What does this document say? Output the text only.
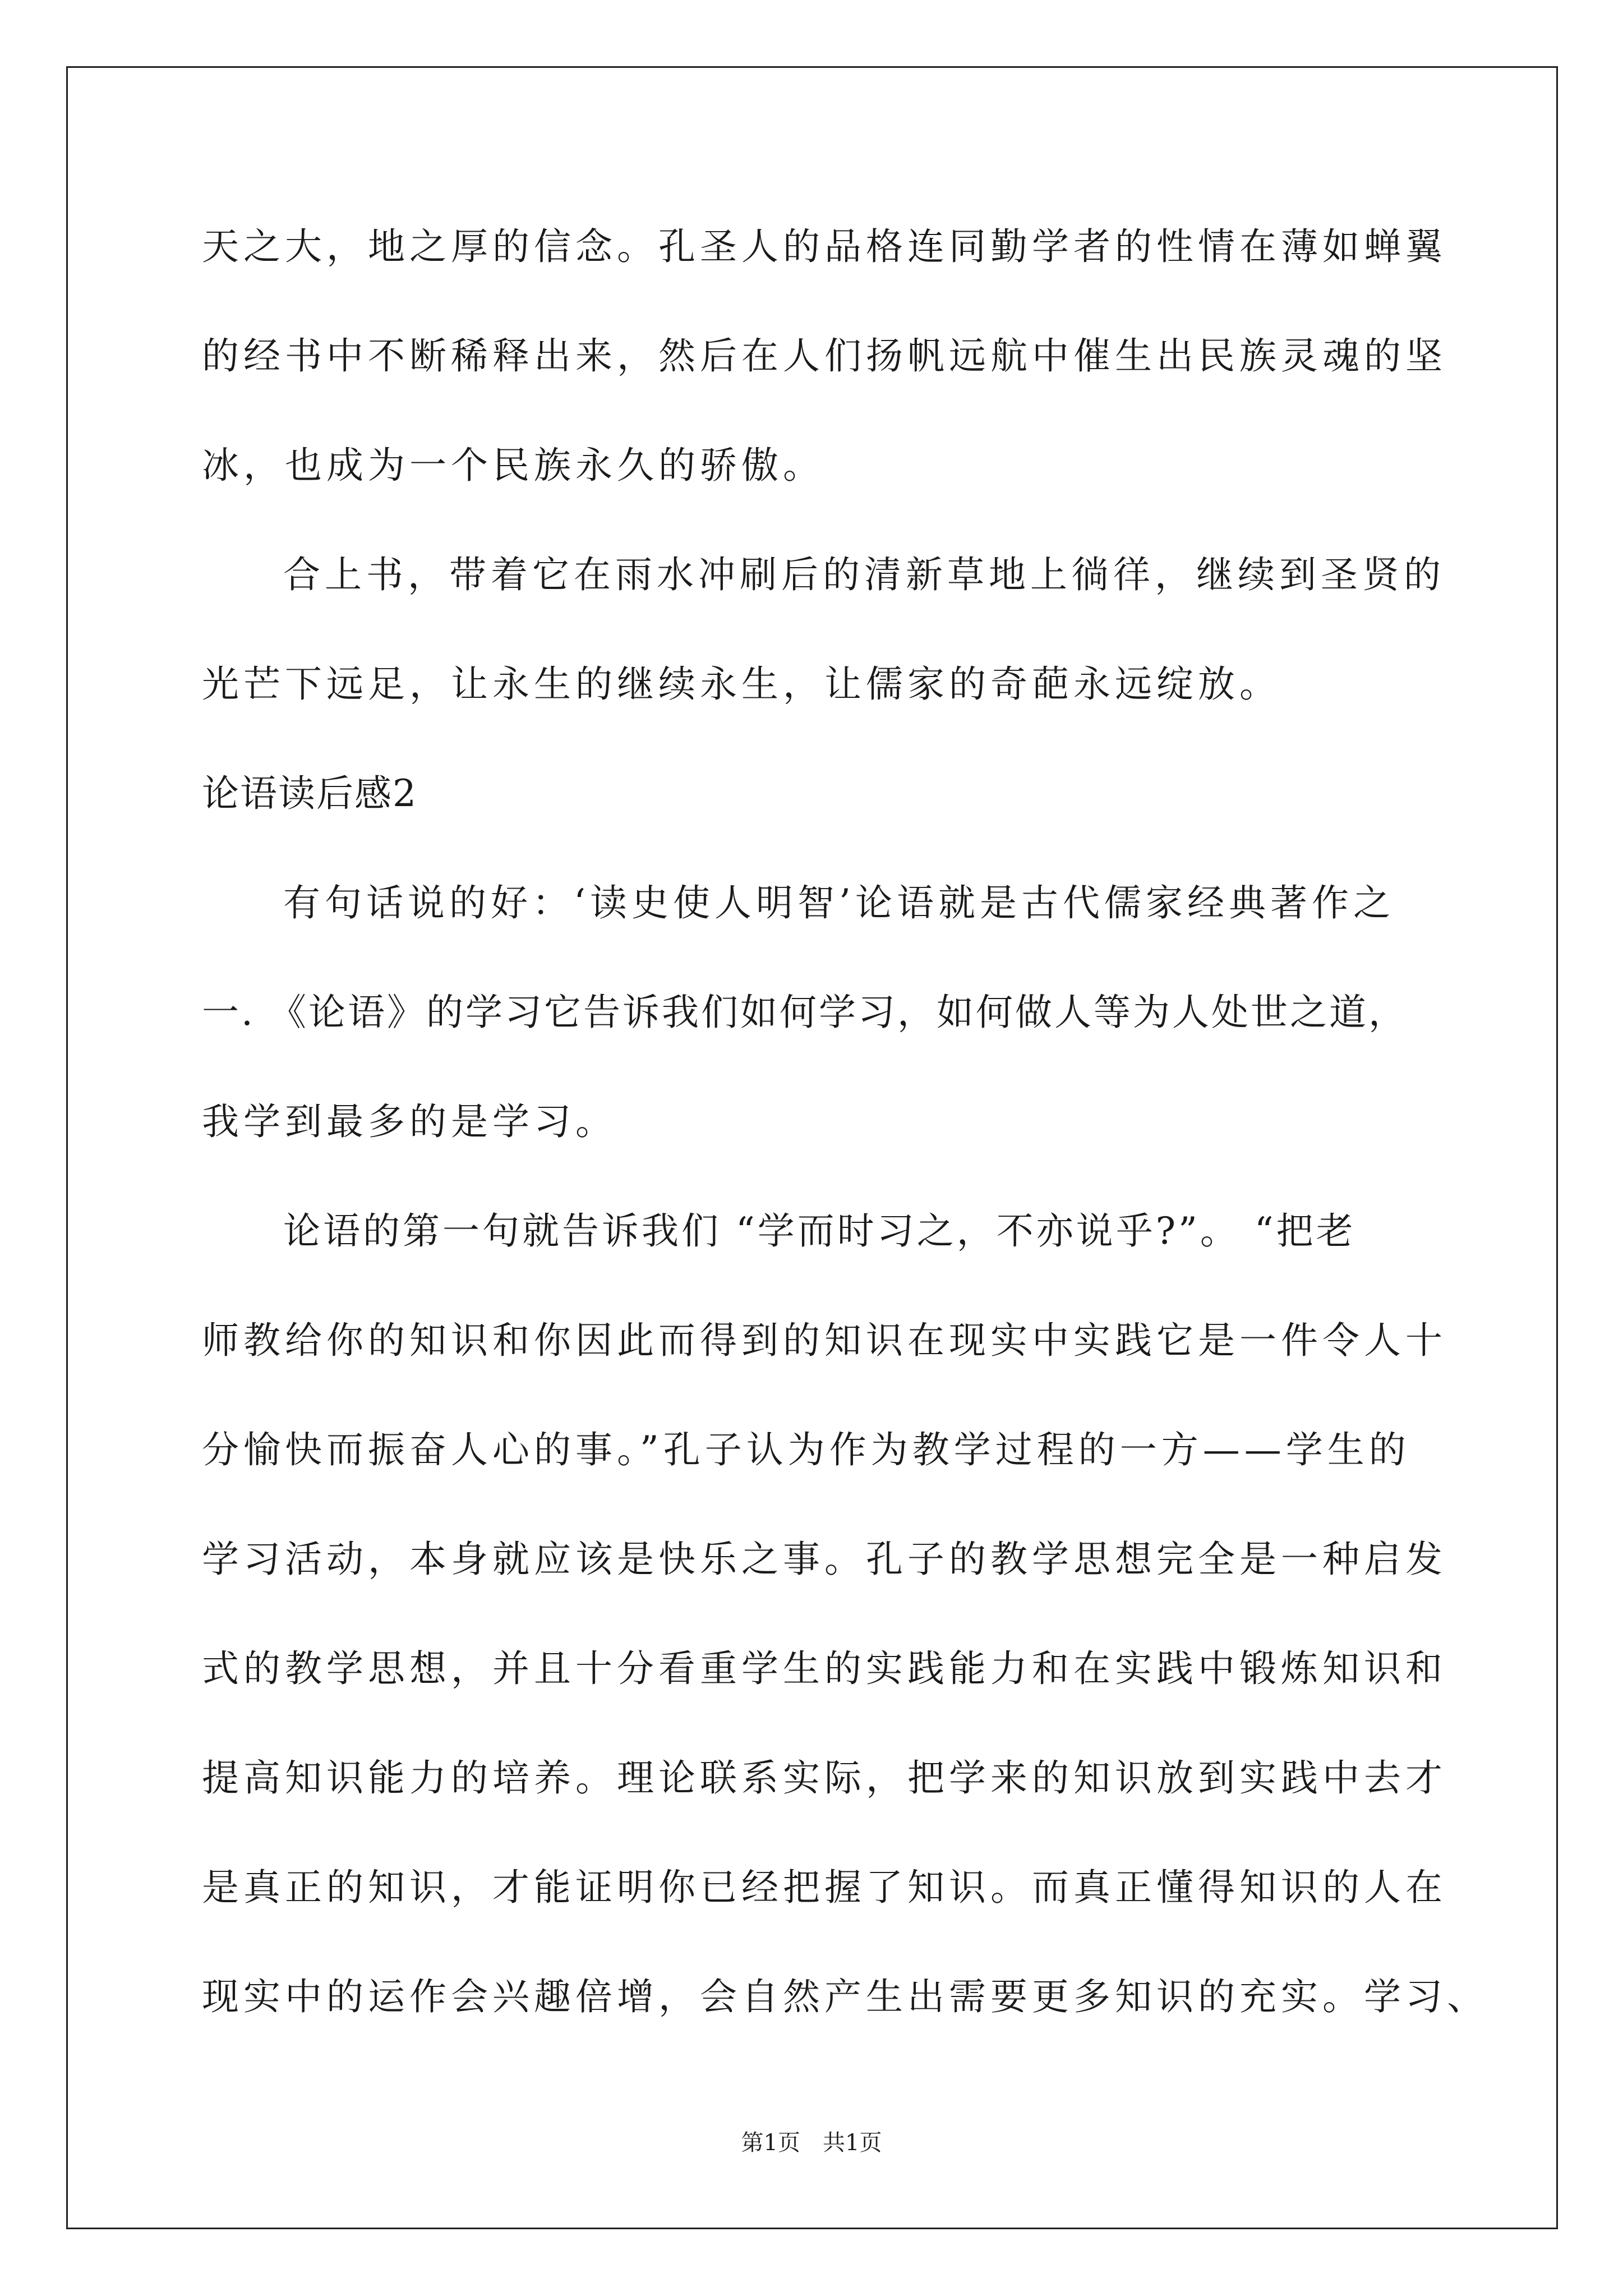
天之大，地之厚的信念。孔圣人的品格连同勤学者的性情在薄如蝉翼
的经书中不断稀释出来，然后在人们扬帆远航中催生出民族灵魂的坚
冰，也成为一个民族永久的骄傲。
合上书，带着它在雨水冲刷后的清新草地上徜徉，继续到圣贤的
光芒下远足，让永生的继续永生，让儒家的奇葩永远绽放。
论语读后感2
有句话说的好：‘读史使人明智’论语就是古代儒家经典著作之
一. 《论语》的学习它告诉我们如何学习，如何做人等为人处世之道，
我学到最多的是学习。
论语的第一句就告诉我们 “学而时习之，不亦说乎?”。 “把老
师教给你的知识和你因此而得到的知识在现实中实践它是一件令人十
分愉快而振奋人心的事。”孔子认为作为教学过程的一方——学生的
学习活动，本身就应该是快乐之事。孔子的教学思想完全是一种启发
式的教学思想，并且十分看重学生的实践能力和在实践中锻炼知识和
提高知识能力的培养。理论联系实际，把学来的知识放到实践中去才
是真正的知识，才能证明你已经把握了知识。而真正懂得知识的人在
现实中的运作会兴趣倍增，会自然产生出需要更多知识的充实。学习、
第1页　共1页
